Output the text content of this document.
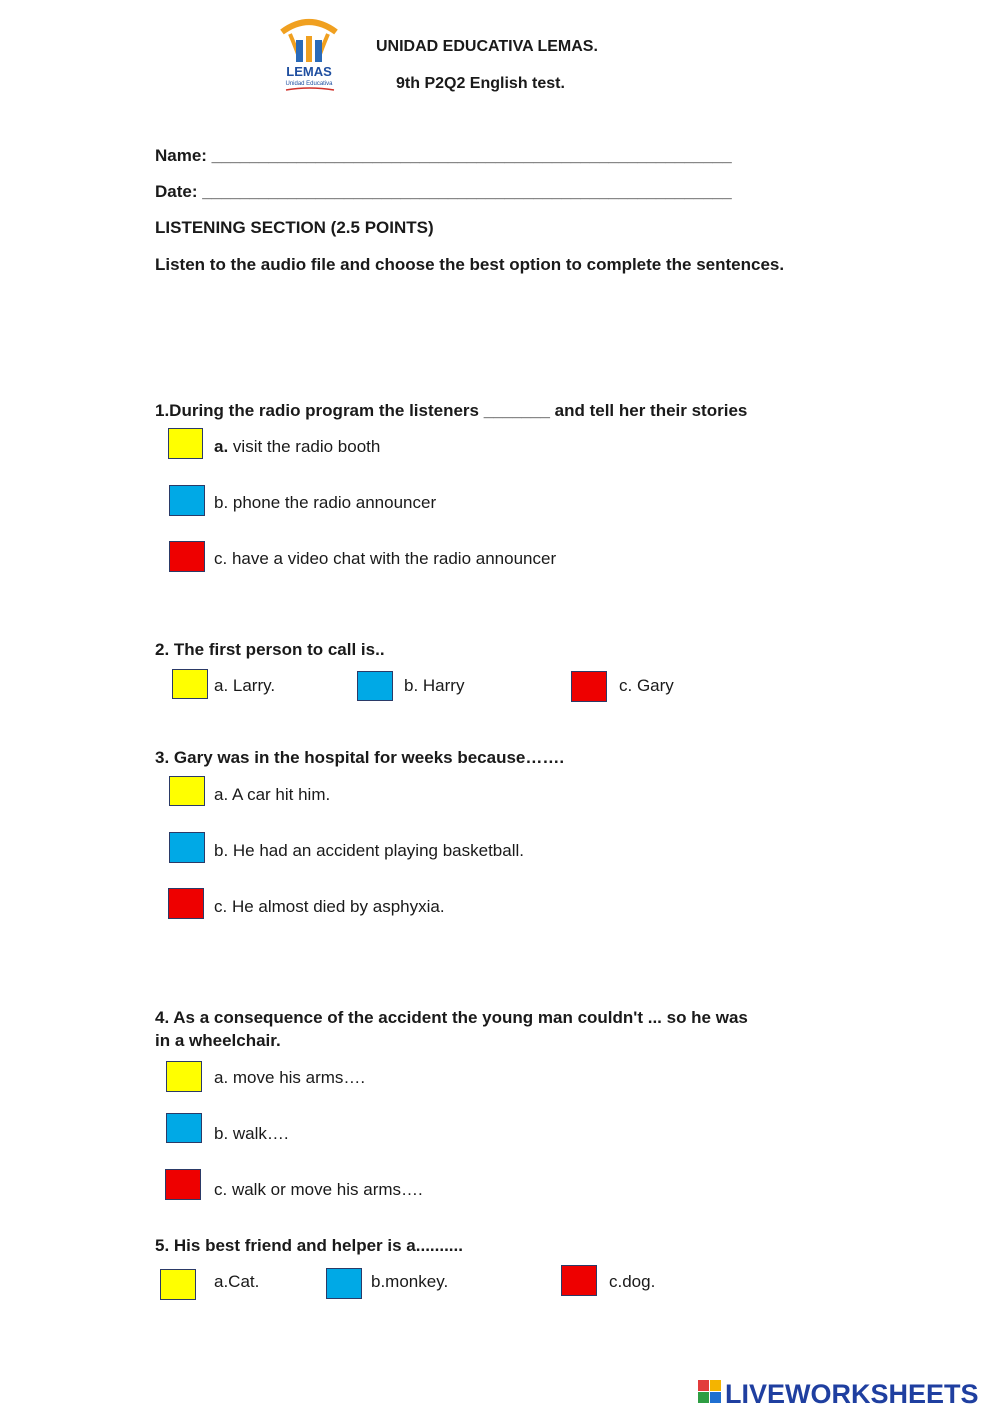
LEMAS
Unidad Educativa
UNIDAD EDUCATIVA LEMAS.
9th P2Q2 English test.
Name: _______________________________________________________
Date: ________________________________________________________
LISTENING SECTION (2.5 POINTS)
Listen to the audio file and choose the best option to complete the sentences.
1.During the radio program the listeners _______ and tell her their stories
a. visit the radio booth
b. phone the radio announcer
c. have a video chat with the radio announcer
2. The first person to call is..
a. Larry.	b. Harry	c. Gary
3. Gary was in the hospital for weeks because…….
a. A car hit him.
b. He had an accident playing basketball.
c. He almost died by asphyxia.
4. As a consequence of the accident the young man couldn't ... so he was
in a wheelchair.
a. move his arms….
b. walk….
c. walk or move his arms….
5. His best friend and helper is a..........
a.Cat.	b.monkey.	c.dog.
LIVEWORKSHEETS
